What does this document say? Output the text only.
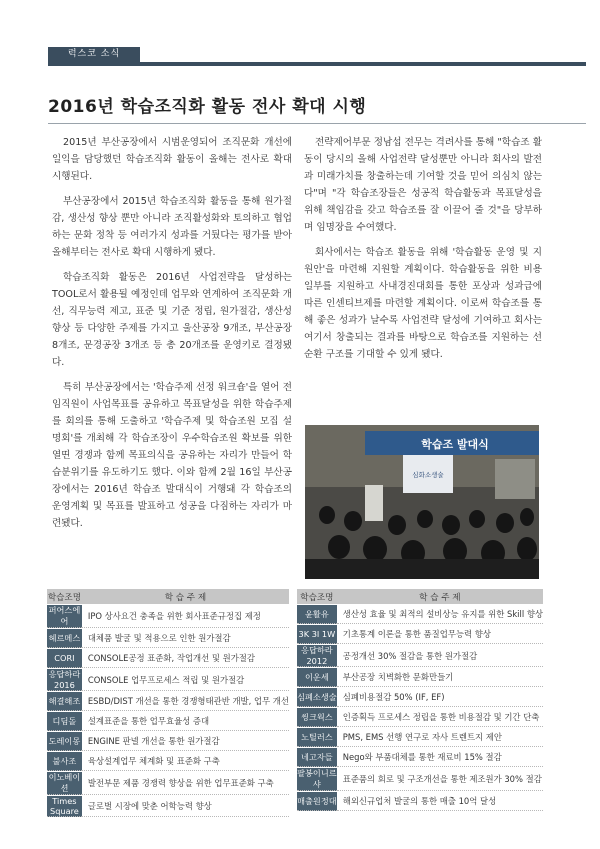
럭스코 소식
2016년 학습조직화 활동 전사 확대 시행

2015년 부산공장에서 시범운영되어 조직문화 개선에 일익을 담당했던 학습조직화 활동이 올해는 전사로 확대 시행된다.

부산공장에서 2015년 학습조직화 활동을 통해 원가절감, 생산성 향상 뿐만 아니라 조직활성화와 토의하고 협업하는 문화 정착 등 여러가지 성과를 거뒀다는 평가를 받아 올해부터는 전사로 확대 시행하게 됐다.

학습조직화 활동은 2016년 사업전략을 달성하는 TOOL로서 활용될 예정인데 업무와 연계하여 조직문화 개선, 직무능력 제고, 표준 및 기준 정립, 원가절감, 생산성 향상 등 다양한 주제를 가지고 울산공장 9개조, 부산공장 8개조, 문경공장 3개조 등 총 20개조를 운영키로 결정됐다.

특히 부산공장에서는 '학습주제 선정 워크숍'을 열어 전 임직원이 사업목표를 공유하고 목표달성을 위한 학습주제를 회의를 통해 도출하고 '학습주제 및 학습조원 모집 설명회'를 개최해 각 학습조장이 우수학습조원 확보를 위한 열띤 경쟁과 함께 목표의식을 공유하는 자리가 만들어 학습분위기를 유도하기도 했다. 이와 함께 2월 16일 부산공장에서는 2016년 학습조 발대식이 거행돼 각 학습조의 운영계획 및 목표를 발표하고 성공을 다짐하는 자리가 마련됐다.

전략제어부문 정남섭 전무는 격려사를 통해 "학습조 활동이 당시의 올해 사업전략 달성뿐만 아니라 회사의 발전과 미래가치를 창출하는데 기여할 것을 믿어 의심치 않는다"며 "각 학습조장들은 성공적 학습활동과 목표달성을 위해 책임감을 갖고 학습조를 잘 이끌어 줄 것"을 당부하며 임명장을 수여했다.

회사에서는 학습조 활동을 위해 '학습활동 운영 및 지원안'을 마련해 지원할 계획이다. 학습활동을 위한 비용 일부를 지원하고 사내경진대회를 통한 포상과 성과급에 따른 인센티브제를 마련할 계획이다. 이로써 학습조를 통해 좋은 성과가 날수록 사업전략 달성에 기여하고 회사는 여기서 창출되는 결과를 바탕으로 학습조를 지원하는 선순환 구조를 기대할 수 있게 됐다.

학습조 발대식
심화소생술
학습조명	학 습 주 제
퍼어스에어	IPO 상사요건 충족을 위한 회사표준규정집 제정
헤르메스	대체품 발굴 및 적용으로 인한 원가절감
CORI	CONSOLE공정 표준화, 작업개선 및 원가절감
응답하라 2016	CONSOLE 업무프로세스 적립 및 원가절감
해결해조	ESBD/DIST 개선을 통한 경쟁형태관반 개발, 업무 개선
디딤돌	설계표준을 통한 업무효율성 증대
도레이몽	ENGINE 판넬 개선을 통한 원가절감
불사조	육상설계업무 체계화 및 표준화 구축
이노베이션	발전부문 제품 경쟁력 향상을 위한 업무표준화 구축
Times Square	글로벌 시장에 맞춘 어학능력 향상
학습조명	학 습 주 제
윤활유	생산성 효율 및 최적의 설비상능 유지를 위한 Skill 향상
3K 3I 1W	기초통계 이론을 통한 품질업무능력 향상
응답하라 2012	공정개선 30% 절감을 통한 원가절감
이운세	부산공장 치벽화한 문화만들기
심폐소생술	심폐비용절감 50% (IF, EF)
씽크웍스	인증획득 프로세스 정립을 통한 비용절감 및 기간 단축
노틸러스	PMS, EMS 선행 연구로 자사 트렌트지 제안
네고자들	Nego와 부품대체를 통한 재료비 15% 절감
팔봉이니르샤	표준품의 회로 및 구조개선을 통한 제조원가 30% 절감
매출원정대	해외신규업처 발굴의 통한 매출 10억 달성
